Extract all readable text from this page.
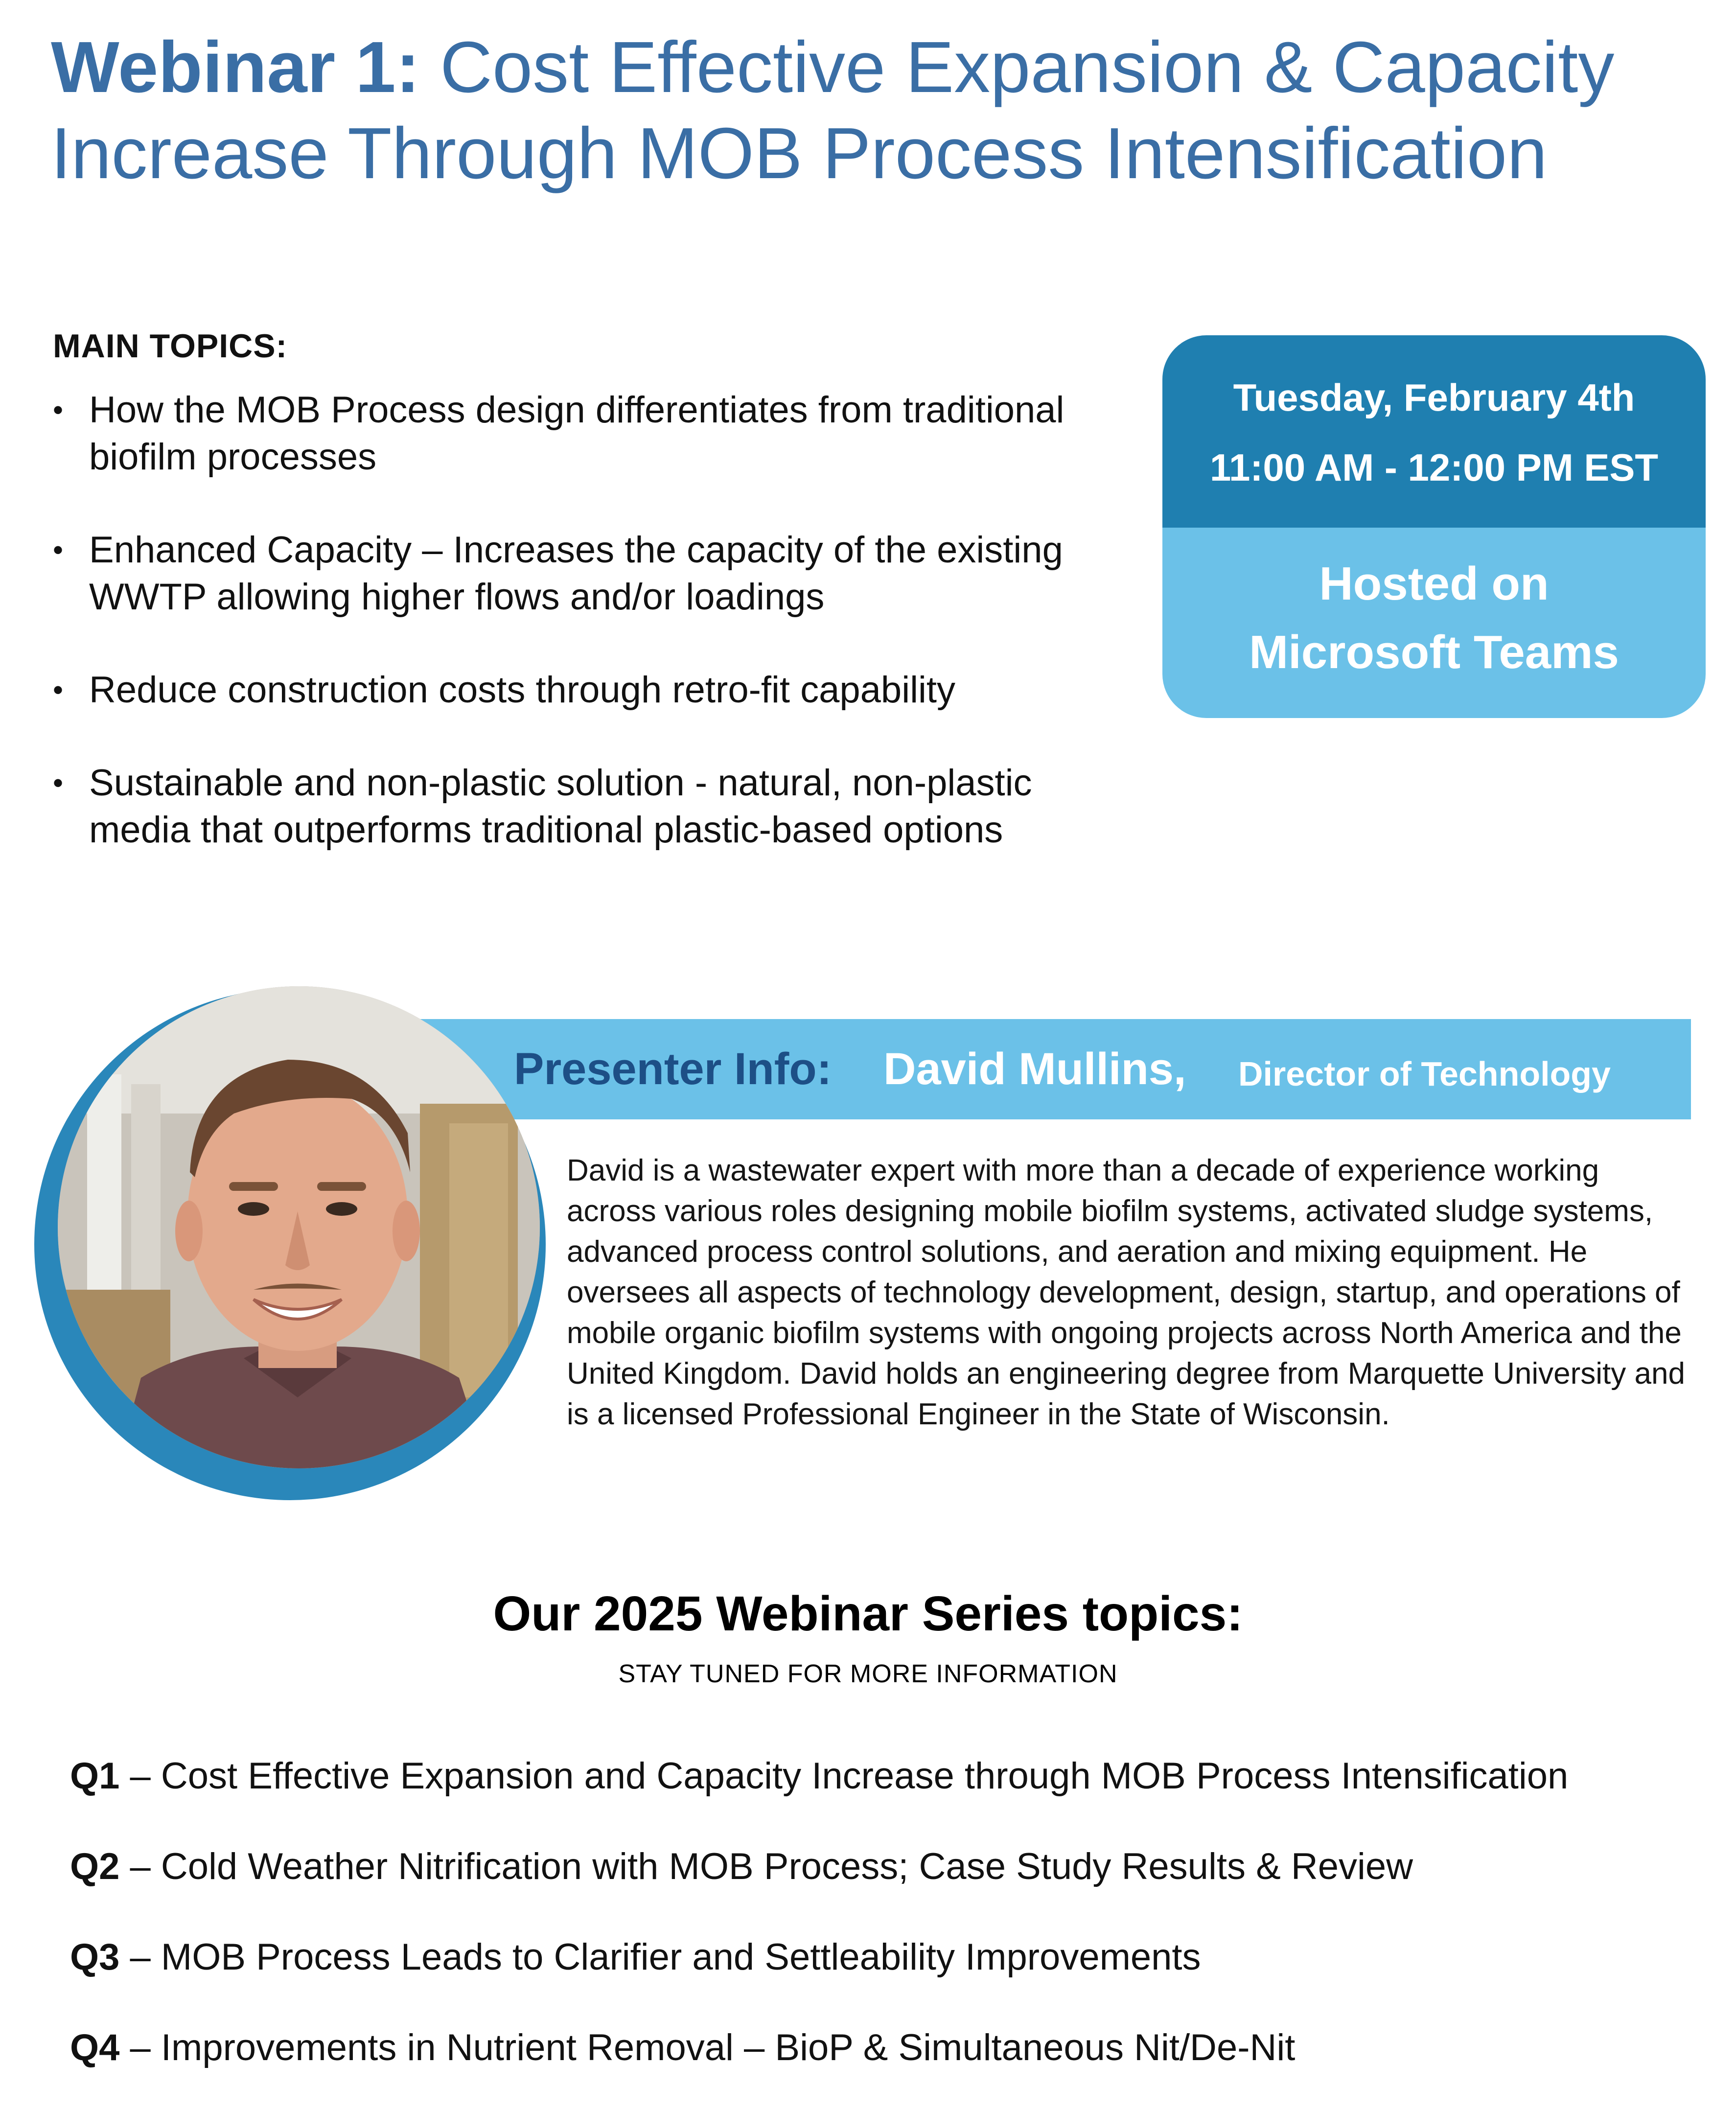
Webinar 1: Cost Effective Expansion & Capacity Increase Through MOB Process Intensification
MAIN TOPICS:
• How the MOB Process design differentiates from traditional biofilm processes
• Enhanced Capacity – Increases the capacity of the existing WWTP allowing higher flows and/or loadings
• Reduce construction costs through retro-fit capability
• Sustainable and non-plastic solution - natural, non-plastic media that outperforms traditional plastic-based options
Tuesday, February 4th
11:00 AM - 12:00 PM EST
Hosted on
Microsoft Teams
Presenter Info: David Mullins, Director of Technology
David is a wastewater expert with more than a decade of experience working across various roles designing mobile biofilm systems, activated sludge systems, advanced process control solutions, and aeration and mixing equipment. He oversees all aspects of technology development, design, startup, and operations of mobile organic biofilm systems with ongoing projects across North America and the United Kingdom. David holds an engineering degree from Marquette University and is a licensed Professional Engineer in the State of Wisconsin.
Our 2025 Webinar Series topics:
STAY TUNED FOR MORE INFORMATION
Q1 – Cost Effective Expansion and Capacity Increase through MOB Process Intensification
Q2 – Cold Weather Nitrification with MOB Process; Case Study Results & Review
Q3 – MOB Process Leads to Clarifier and Settleability Improvements
Q4 – Improvements in Nutrient Removal – BioP & Simultaneous Nit/De-Nit
